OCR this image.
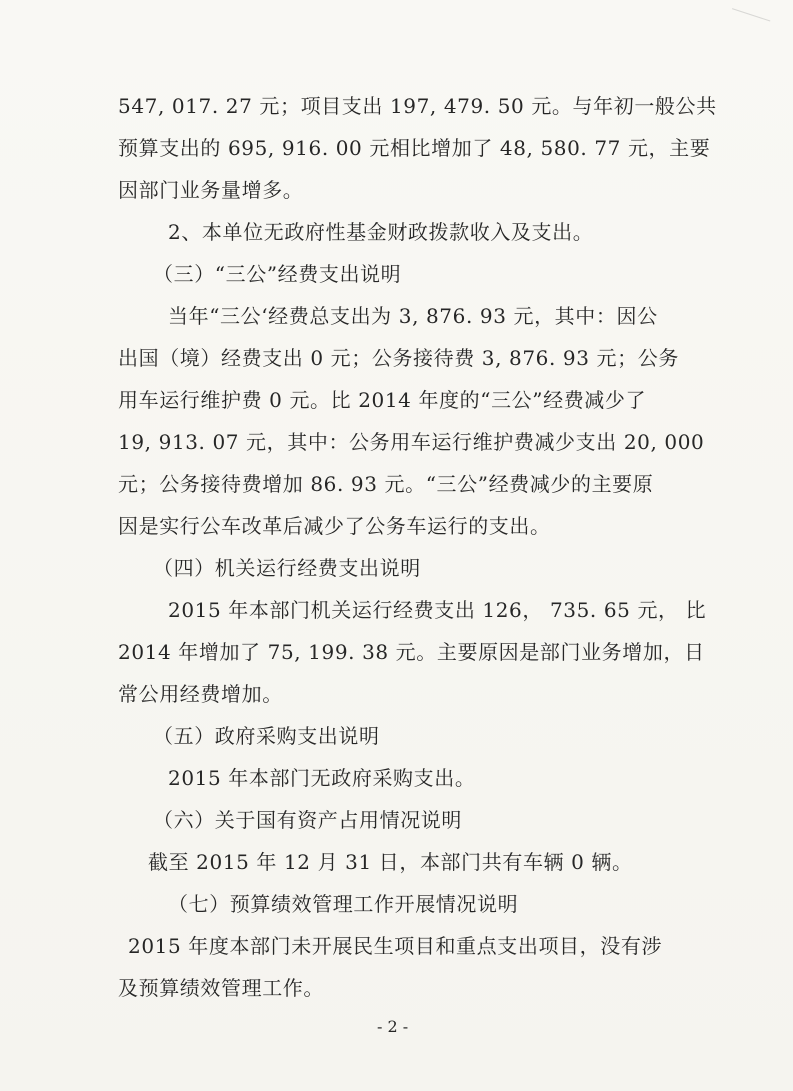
547, 017. 27 元；项目支出 197, 479. 50 元。与年初一般公共
预算支出的 695, 916. 00 元相比增加了 48, 580. 77 元，主要
因部门业务量增多。
2、本单位无政府性基金财政拨款收入及支出。
（三）“三公”经费支出说明
当年“三公‘经费总支出为 3, 876. 93 元，其中：因公
出国（境）经费支出 0 元；公务接待费 3, 876. 93 元；公务
用车运行维护费 0 元。比 2014 年度的“三公”经费减少了
19, 913. 07 元，其中：公务用车运行维护费减少支出 20, 000
元；公务接待费增加 86. 93 元。“三公”经费减少的主要原
因是实行公车改革后减少了公务车运行的支出。
（四）机关运行经费支出说明
2015 年本部门机关运行经费支出 126， 735. 65 元， 比
2014 年增加了 75, 199. 38 元。主要原因是部门业务增加，日
常公用经费增加。
（五）政府采购支出说明
2015 年本部门无政府采购支出。
（六）关于国有资产占用情况说明
截至 2015 年 12 月 31 日，本部门共有车辆 0 辆。
（七）预算绩效管理工作开展情况说明
2015 年度本部门未开展民生项目和重点支出项目，没有涉
及预算绩效管理工作。
- 2 -
